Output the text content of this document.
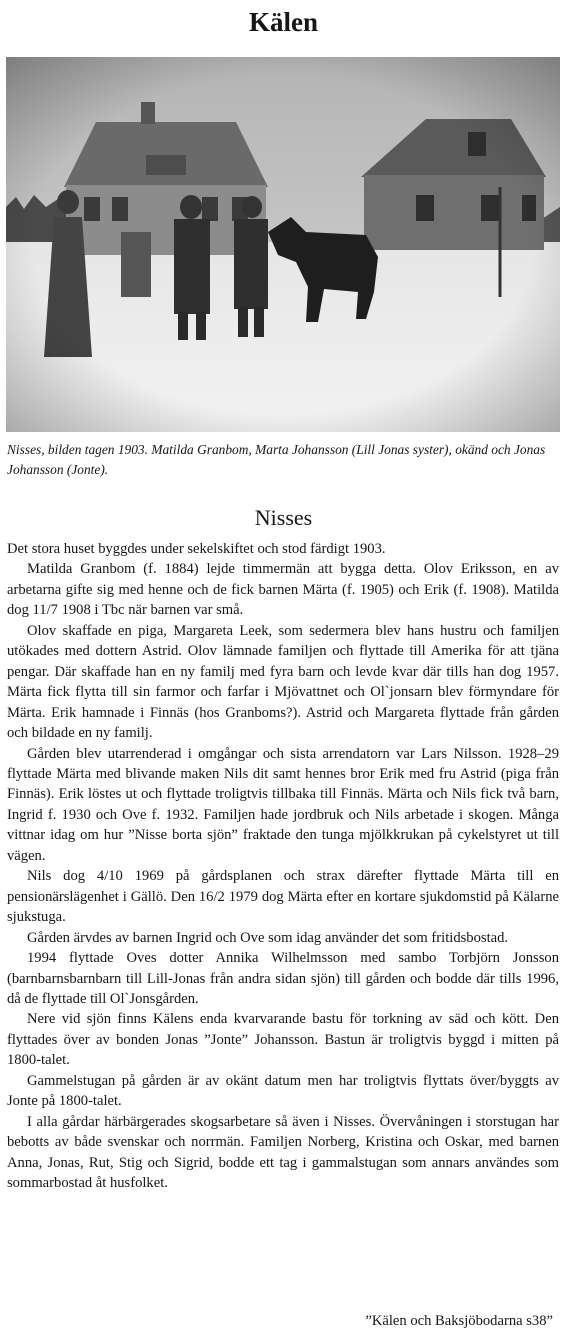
Kälen
Nisses, bilden tagen 1903. Matilda Granbom, Marta Johansson (Lill Jonas syster), okänd och Jonas Johansson (Jonte).
Nisses

Det stora huset byggdes under sekelskiftet och stod färdigt 1903.

Matilda Granbom (f. 1884) lejde timmermän att bygga detta. Olov Eriksson, en av arbetarna gifte sig med henne och de fick barnen Märta (f. 1905) och Erik (f. 1908). Matilda dog 11/7 1908 i Tbc när barnen var små.

Olov skaffade en piga, Margareta Leek, som sedermera blev hans hustru och familjen utökades med dottern Astrid. Olov lämnade familjen och flyttade till Amerika för att tjäna pengar. Där skaffade han en ny familj med fyra barn och levde kvar där tills han dog 1957. Märta fick flytta till sin farmor och farfar i Mjövattnet och Ol`jonsarn blev förmyndare för Märta. Erik hamnade i Finnäs (hos Granboms?). Astrid och Margareta flyttade från gården och bildade en ny familj.

Gården blev utarrenderad i omgångar och sista arrendatorn var Lars Nilsson. 1928–29 flyttade Märta med blivande maken Nils dit samt hennes bror Erik med fru Astrid (piga från Finnäs). Erik löstes ut och flyttade troligtvis tillbaka till Finnäs. Märta och Nils fick två barn, Ingrid f. 1930 och Ove f. 1932. Familjen hade jordbruk och Nils arbetade i skogen. Många vittnar idag om hur ”Nisse borta sjön” fraktade den tunga mjölkkrukan på cykelstyret ut till vägen.

Nils dog 4/10 1969 på gårdsplanen och strax därefter flyttade Märta till en pensionärslägenhet i Gällö. Den 16/2 1979 dog Märta efter en kortare sjukdomstid på Kälarne sjukstuga.

Gården ärvdes av barnen Ingrid och Ove som idag använder det som fritidsbostad.

1994 flyttade Oves dotter Annika Wilhelmsson med sambo Torbjörn Jonsson (barnbarnsbarnbarn till Lill-Jonas från andra sidan sjön) till gården och bodde där tills 1996, då de flyttade till Ol`Jonsgården.

Nere vid sjön finns Kälens enda kvarvarande bastu för torkning av säd och kött. Den flyttades över av bonden Jonas ”Jonte” Johansson. Bastun är troligtvis byggd i mitten på 1800-talet.

Gammelstugan på gården är av okänt datum men har troligtvis flyttats över/byggts av Jonte på 1800-talet.

I alla gårdar härbärgerades skogsarbetare så även i Nisses. Övervåningen i storstugan har bebotts av både svenskar och norrmän. Familjen Norberg, Kristina och Oskar, med barnen Anna, Jonas, Rut, Stig och Sigrid, bodde ett tag i gammalstugan som annars användes som sommarbostad åt husfolket.

”Kälen och Baksjöbodarna s38”
